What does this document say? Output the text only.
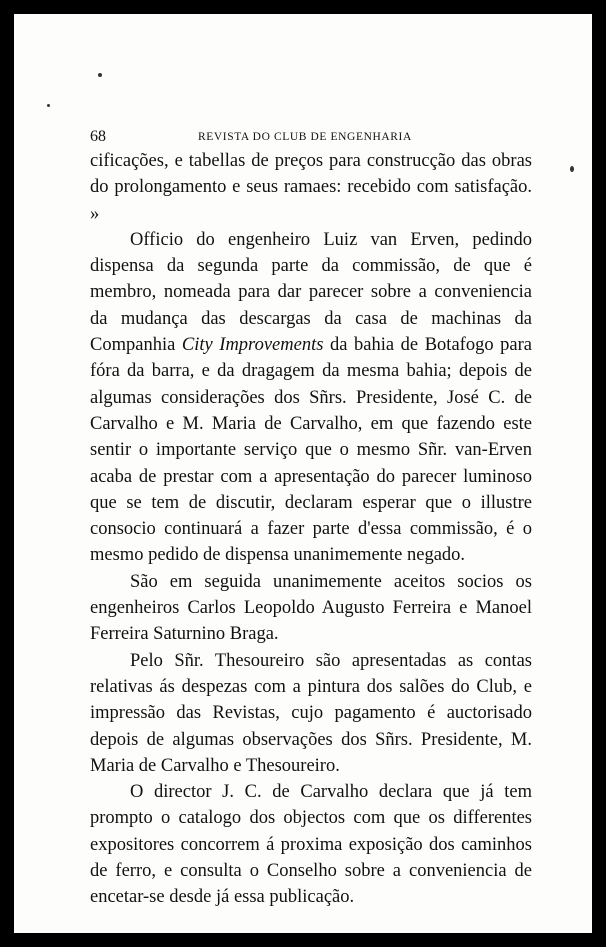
68	REVISTA DO CLUB DE ENGENHARIA

cificações, e tabellas de preços para construcção das obras do prolongamento e seus ramaes: recebido com satisfação. »

Officio do engenheiro Luiz van Erven, pedindo dispensa da segunda parte da commissão, de que é membro, nomeada para dar parecer sobre a conveniencia da mudança das descargas da casa de machinas da Companhia City Improvements da bahia de Botafogo para fóra da barra, e da dragagem da mesma bahia; depois de algumas considerações dos Sñrs. Presidente, José C. de Carvalho e M. Maria de Carvalho, em que fazendo este sentir o importante serviço que o mesmo Sñr. van-Erven acaba de prestar com a apresentação do parecer luminoso que se tem de discutir, declaram esperar que o illustre consocio continuará a fazer parte d'essa commissão, é o mesmo pedido de dispensa unanimemente negado.

São em seguida unanimemente aceitos socios os engenheiros Carlos Leopoldo Augusto Ferreira e Manoel Ferreira Saturnino Braga.

Pelo Sñr. Thesoureiro são apresentadas as contas relativas ás despezas com a pintura dos salões do Club, e impressão das Revistas, cujo pagamento é auctorisado depois de algumas observações dos Sñrs. Presidente, M. Maria de Carvalho e Thesoureiro.

O director J. C. de Carvalho declara que já tem prompto o catalogo dos objectos com que os differentes expositores concorrem á proxima exposição dos caminhos de ferro, e consulta o Conselho sobre a conveniencia de encetar-se desde já essa publicação.
